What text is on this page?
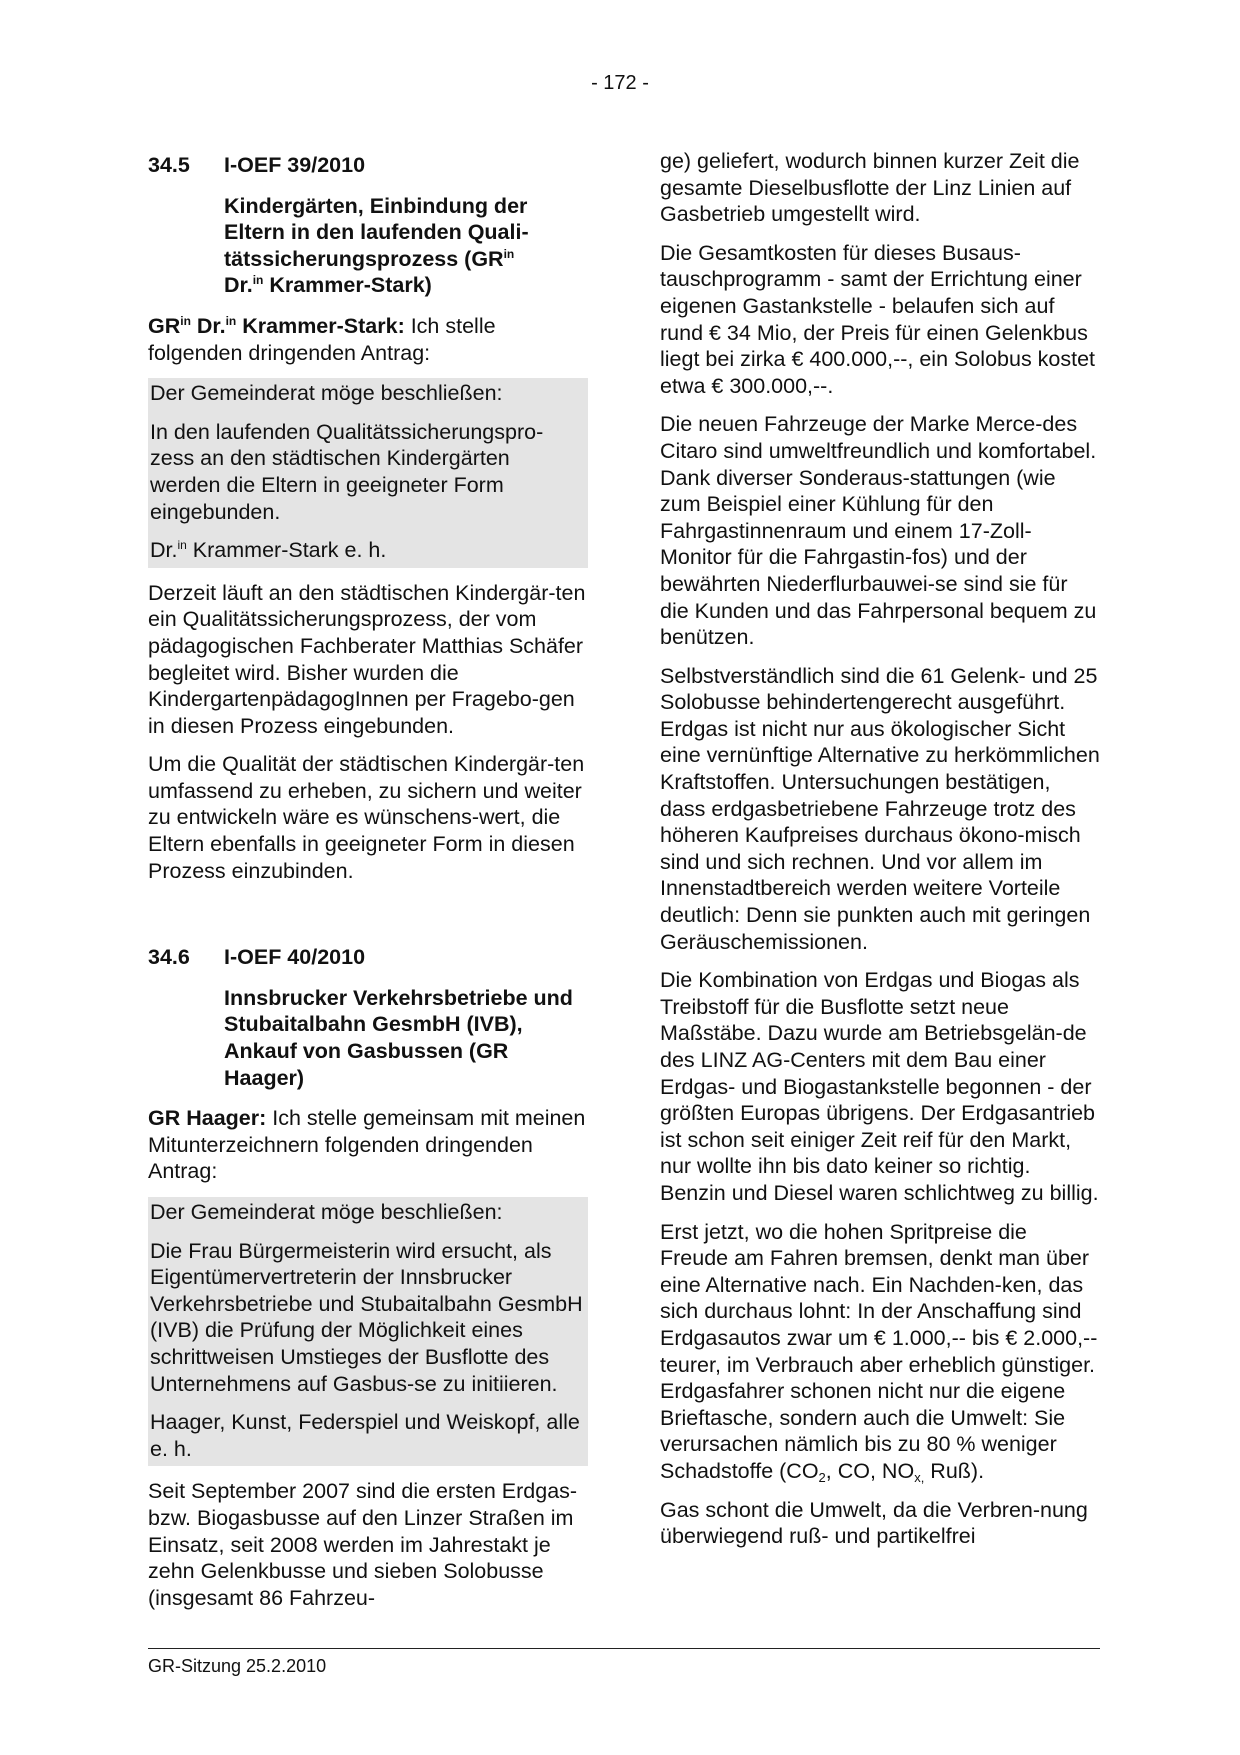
- 172 -
34.5 I-OEF 39/2010
Kindergärten, Einbindung der Eltern in den laufenden Quali-tätssicherungsprozess ($GR^{in}$
Dr.$^{in}$ Krammer-Stark)

$GR^{in}$ Dr.$^{in}$ Krammer-Stark: Ich stelle folgenden dringenden Antrag:

Der Gemeinderat möge beschließen:

In den laufenden Qualitätssicherungspro-zess an den städtischen Kindergärten werden die Eltern in geeigneter Form eingebunden.

Dr.$^{in}$ Krammer-Stark e. h.

Derzeit läuft an den städtischen Kindergär-ten ein Qualitätssicherungsprozess, der vom pädagogischen Fachberater Matthias Schäfer begleitet wird. Bisher wurden die KindergartenpädagogInnen per Fragebo-gen in diesen Prozess eingebunden.

Um die Qualität der städtischen Kindergär-ten umfassend zu erheben, zu sichern und weiter zu entwickeln wäre es wünschens-wert, die Eltern ebenfalls in geeigneter Form in diesen Prozess einzubinden.

34.6 I-OEF 40/2010
Innsbrucker Verkehrsbetriebe und Stubaitalbahn GesmbH (IVB), Ankauf von Gasbussen (GR Haager)

GR Haager: Ich stelle gemeinsam mit meinen Mitunterzeichnern folgenden dringenden Antrag:

Der Gemeinderat möge beschließen:

Die Frau Bürgermeisterin wird ersucht, als Eigentümervertreterin der Innsbrucker Verkehrsbetriebe und Stubaitalbahn GesmbH (IVB) die Prüfung der Möglichkeit eines schrittweisen Umstieges der Busflotte des Unternehmens auf Gasbus-se zu initiieren.

Haager, Kunst, Federspiel und Weiskopf, alle e. h.

Seit September 2007 sind die ersten Erdgas- bzw. Biogasbusse auf den Linzer Straßen im Einsatz, seit 2008 werden im Jahrestakt je zehn Gelenkbusse und sieben Solobusse (insgesamt 86 Fahrzeu-

ge) geliefert, wodurch binnen kurzer Zeit die gesamte Dieselbusflotte der Linz Linien auf Gasbetrieb umgestellt wird.

Die Gesamtkosten für dieses Busaus-tauschprogramm - samt der Errichtung einer eigenen Gastankstelle - belaufen sich auf rund € 34 Mio, der Preis für einen Gelenkbus liegt bei zirka € 400.000,--, ein Solobus kostet etwa € 300.000,--.

Die neuen Fahrzeuge der Marke Merce-des Citaro sind umweltfreundlich und komfortabel. Dank diverser Sonderaus-stattungen (wie zum Beispiel einer Kühlung für den Fahrgastinnenraum und einem 17-Zoll-Monitor für die Fahrgastin-fos) und der bewährten Niederflurbauwei-se sind sie für die Kunden und das Fahrpersonal bequem zu benützen.

Selbstverständlich sind die 61 Gelenk- und 25 Solobusse behindertengerecht ausgeführt. Erdgas ist nicht nur aus ökologischer Sicht eine vernünftige Alternative zu herkömmlichen Kraftstoffen. Untersuchungen bestätigen, dass erdgasbetriebene Fahrzeuge trotz des höheren Kaufpreises durchaus ökono-misch sind und sich rechnen. Und vor allem im Innenstadtbereich werden weitere Vorteile deutlich: Denn sie punkten auch mit geringen Geräuschemissionen.

Die Kombination von Erdgas und Biogas als Treibstoff für die Busflotte setzt neue Maßstäbe. Dazu wurde am Betriebsgelän-de des LINZ AG-Centers mit dem Bau einer Erdgas- und Biogastankstelle begonnen - der größten Europas übrigens. Der Erdgasantrieb ist schon seit einiger Zeit reif für den Markt, nur wollte ihn bis dato keiner so richtig. Benzin und Diesel waren schlichtweg zu billig.

Erst jetzt, wo die hohen Spritpreise die Freude am Fahren bremsen, denkt man über eine Alternative nach. Ein Nachden-ken, das sich durchaus lohnt: In der Anschaffung sind Erdgasautos zwar um € 1.000,-- bis € 2.000,-- teurer, im Verbrauch aber erheblich günstiger. Erdgasfahrer schonen nicht nur die eigene Brieftasche, sondern auch die Umwelt: Sie verursachen nämlich bis zu 80 % weniger Schadstoffe ($CO_2$, CO, $NO_{x,}$ Ruß).

Gas schont die Umwelt, da die Verbren-nung überwiegend ruß- und partikelfrei

GR-Sitzung 25.2.2010
